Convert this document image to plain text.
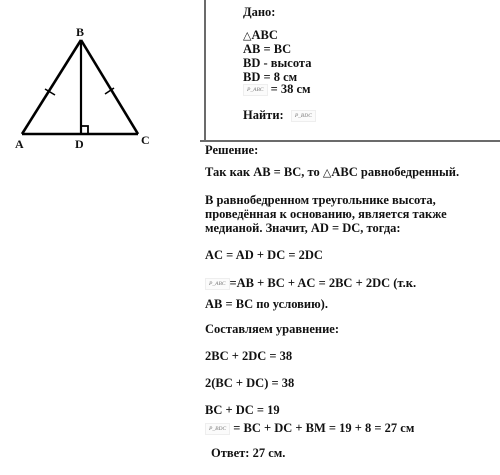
B
A	D	C
Дано:
△ABC
AB = BC
BD - высота
BD = 8 см
P_ABC = 38 см
Найти: P_BDC
Решение:
Так как AB = BC, то △ABC равнобедренный.
В равнобедренном треугольнике высота,
проведённая к основанию, является также
медианой. Значит, AD = DC, тогда:
AC = AD + DC = 2DC
P_ABC =AB + BC + AC = 2BC + 2DC (т.к.
AB = BC по условию).
Составляем уравнение:
2BC + 2DC = 38
2(BC + DC) = 38
BC + DC = 19
P_BDC = BC + DC + BM = 19 + 8 = 27 см
Ответ: 27 см.
